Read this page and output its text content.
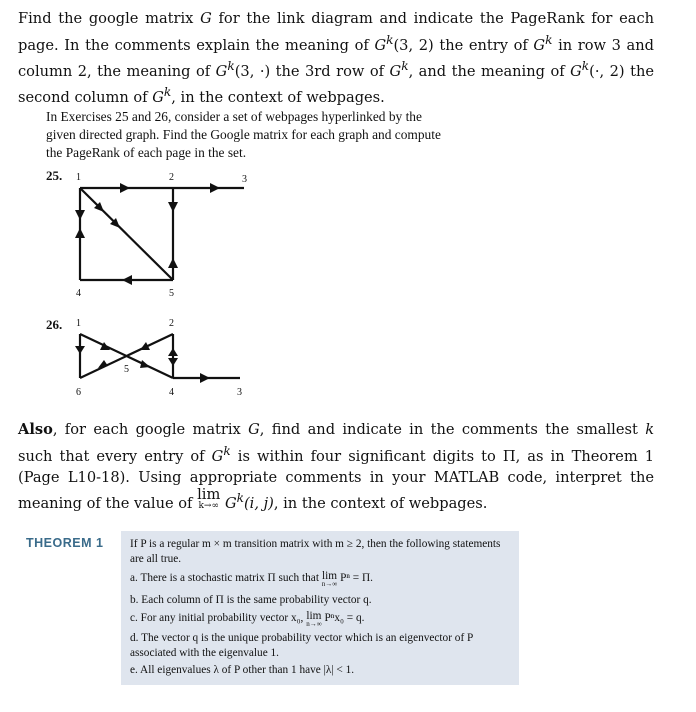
Find the google matrix G for the link diagram and indicate the PageRank for each page. In the comments explain the meaning of $G^k(3$, 2) the entry of $G^k$ in row 3 and column 2, the meaning of $G^k(3$, ·) the 3rd row of $G^k$, and the meaning of $G^k(\cdot$, 2) the second column of $G^k$, in the context of webpages.
In Exercises 25 and 26, consider a set of webpages hyperlinked by the given directed graph. Find the Google matrix for each graph and compute the PageRank of each page in the set.
25. 1	2	3
4	5
26. 1	2
3
4
5
6
Also, for each google matrix G, find and indicate in the comments the smallest k such that every entry of $G^k$ is within four significant digits to Π, as in Theorem 1 (Page L10-18). Using appropriate comments in your MATLAB code, interpret the meaning of the value of lim
k→∞ $G^k(i$, j), in the context of webpages.
THEOREM 1 If P is a regular m × m transition matrix with m ≥ 2, then the following statements are all true.
a. There is a stochastic matrix Π such that lim
n→∞ Pⁿ = Π.
b. Each column of Π is the same probability vector q.
c. For any initial probability vector x₀, lim
n→∞ Pⁿx₀ = q.
d. The vector q is the unique probability vector which is an eigenvector of P associated with the eigenvalue 1.
e. All eigenvalues λ of P other than 1 have |λ| < 1.
